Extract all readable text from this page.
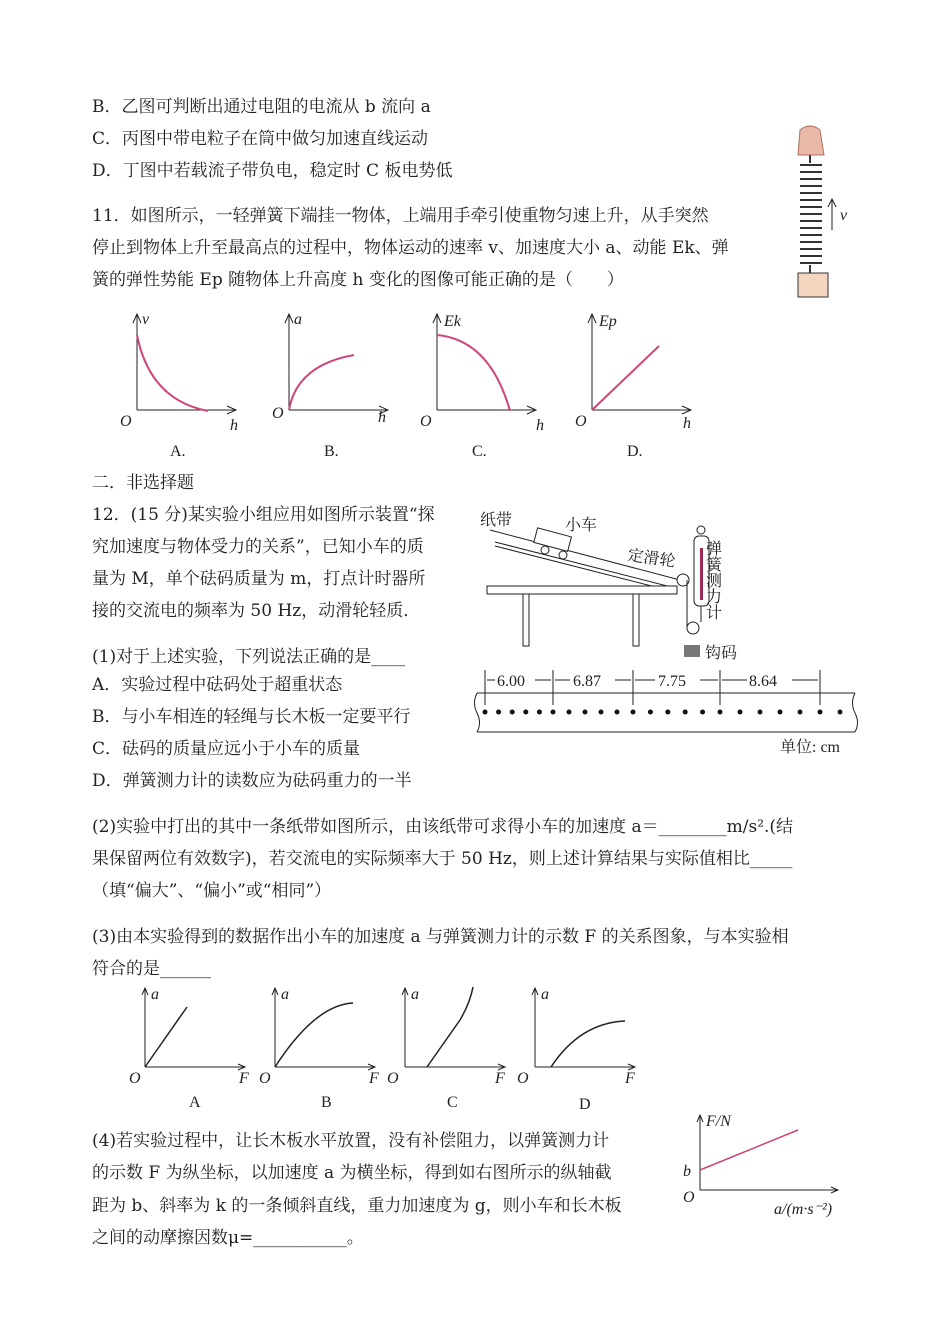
B．乙图可判断出通过电阻的电流从 b 流向 a
C．丙图中带电粒子在筒中做匀加速直线运动
D．丁图中若载流子带负电，稳定时 C 板电势低
11．如图所示，一轻弹簧下端挂一物体，上端用手牵引使重物匀速上升，从手突然
停止到物体上升至最高点的过程中，物体运动的速率 v、加速度大小 a、动能 Ek、弹
簧的弹性势能 Ep 随物体上升高度 h 变化的图像可能正确的是（　　）
v
v
O	h
A.
a
O	h
B.
Ek
O	h
C.
Ep
O	h
D.
二．非选择题
12．(15 分)某实验小组应用如图所示装置“探
究加速度与物体受力的关系”，已知小车的质
量为 M，单个砝码质量为 m，打点计时器所
接的交流电的频率为 50 Hz，动滑轮轻质．
纸带	小车
定滑轮
钩码
弹簧测力计
6.00	6.87	7.75	8.64
单位: cm
(1)对于上述实验，下列说法正确的是____
A．实验过程中砝码处于超重状态
B．与小车相连的轻绳与长木板一定要平行
C．砝码的质量应远小于小车的质量
D．弹簧测力计的读数应为砝码重力的一半
(2)实验中打出的其中一条纸带如图所示，由该纸带可求得小车的加速度 a＝________m/s².(结
果保留两位有效数字)，若交流电的实际频率大于 50 Hz，则上述计算结果与实际值相比_____
（填“偏大”、“偏小”或“相同”）
(3)由本实验得到的数据作出小车的加速度 a 与弹簧测力计的示数 F 的关系图象，与本实验相
符合的是______
a
O	F
A
a
O	F
B
a
O	F
C
a
O	F
D
(4)若实验过程中，让长木板水平放置，没有补偿阻力，以弹簧测力计
的示数 F 为纵坐标，以加速度 a 为横坐标，得到如右图所示的纵轴截
距为 b、斜率为 k 的一条倾斜直线，重力加速度为 g，则小车和长木板
之间的动摩擦因数μ=___________。
F/N
b
O
a/(m·s⁻²)
